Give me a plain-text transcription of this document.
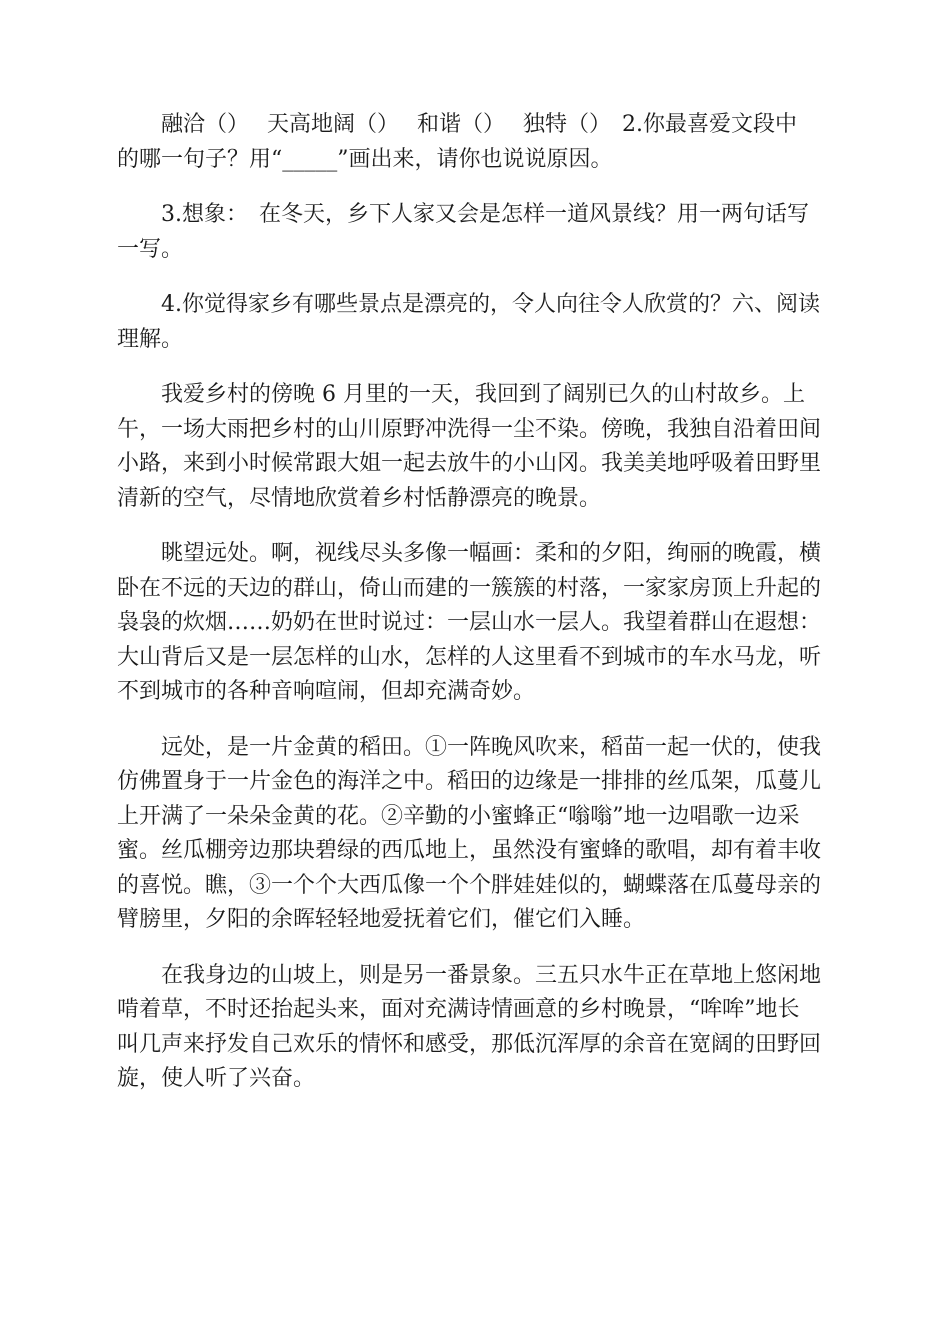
融洽（）　 天高地阔（）　 和谐（）　 独特（）　2.你最喜爱文段中
的哪一句子？用“_____”画出来，请你也说说原因。

3.想象：　在冬天，乡下人家又会是怎样一道风景线？用一两句话写
一写。

4.你觉得家乡有哪些景点是漂亮的，令人向往令人欣赏的？六、阅读
理解。

我爱乡村的傍晚 6 月里的一天，我回到了阔别已久的山村故乡。上
午，一场大雨把乡村的山川原野冲洗得一尘不染。傍晚，我独自沿着田间
小路，来到小时候常跟大姐一起去放牛的小山冈。我美美地呼吸着田野里
清新的空气，尽情地欣赏着乡村恬静漂亮的晚景。

眺望远处。啊，视线尽头多像一幅画：柔和的夕阳，绚丽的晚霞，横
卧在不远的天边的群山，倚山而建的一簇簇的村落，一家家房顶上升起的
袅袅的炊烟……奶奶在世时说过：一层山水一层人。我望着群山在遐想：
大山背后又是一层怎样的山水，怎样的人这里看不到城市的车水马龙，听
不到城市的各种音响喧闹，但却充满奇妙。

远处，是一片金黄的稻田。①一阵晚风吹来，稻苗一起一伏的，使我
仿佛置身于一片金色的海洋之中。稻田的边缘是一排排的丝瓜架，瓜蔓儿
上开满了一朵朵金黄的花。②辛勤的小蜜蜂正“嗡嗡”地一边唱歌一边采
蜜。丝瓜棚旁边那块碧绿的西瓜地上，虽然没有蜜蜂的歌唱，却有着丰收
的喜悦。瞧，③一个个大西瓜像一个个胖娃娃似的，蝴蝶落在瓜蔓母亲的
臂膀里，夕阳的余晖轻轻地爱抚着它们，催它们入睡。

在我身边的山坡上，则是另一番景象。三五只水牛正在草地上悠闲地
啃着草，不时还抬起头来，面对充满诗情画意的乡村晚景，“哞哞”地长
叫几声来抒发自己欢乐的情怀和感受，那低沉浑厚的余音在宽阔的田野回
旋，使人听了兴奋。
